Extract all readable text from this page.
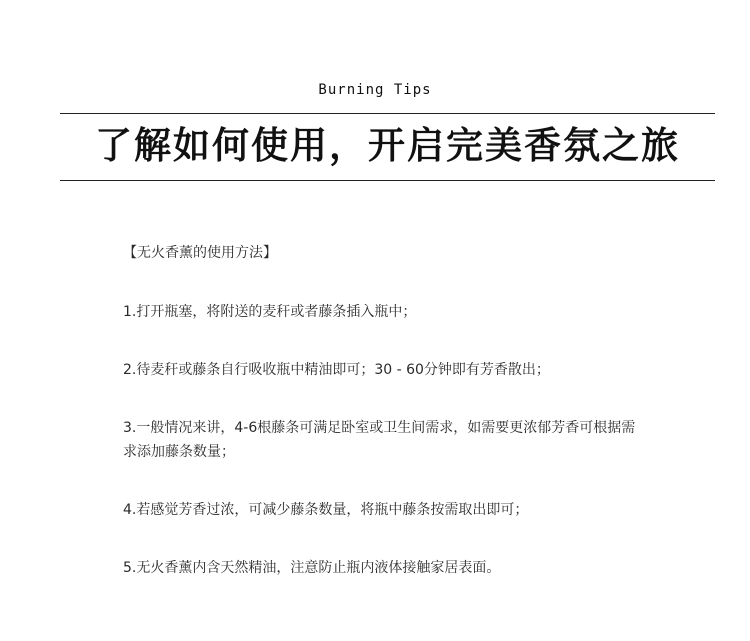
Burning Tips
了解如何使用，开启完美香氛之旅

【无火香薰的使用方法】

1.打开瓶塞，将附送的麦秆或者藤条插入瓶中；

2.待麦秆或藤条自行吸收瓶中精油即可；30 - 60分钟即有芳香散出；

3.一般情况来讲，4-6根藤条可满足卧室或卫生间需求，如需要更浓郁芳香可根据需求添加藤条数量；

4.若感觉芳香过浓，可减少藤条数量，将瓶中藤条按需取出即可；

5.无火香薰内含天然精油，注意防止瓶内液体接触家居表面。
